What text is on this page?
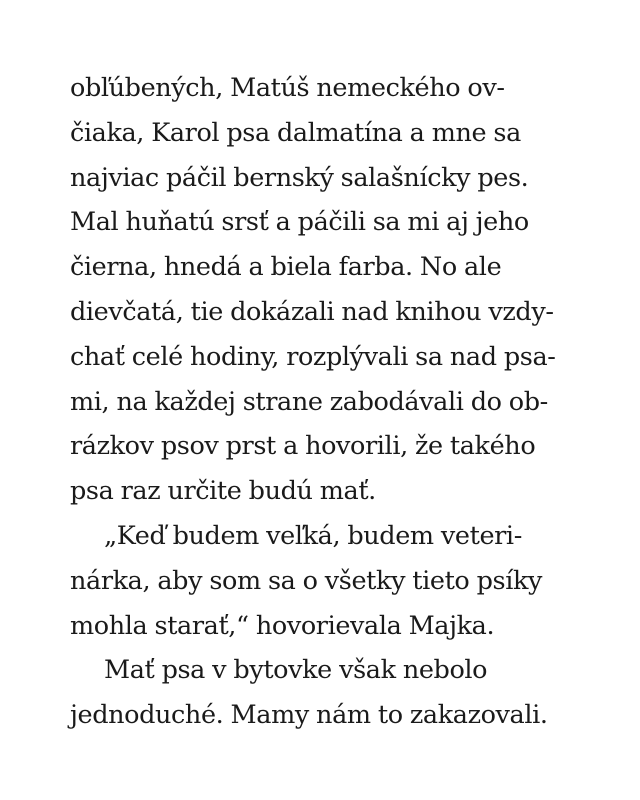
obľúbených, Matúš nemeckého ov-
čiaka, Karol psa dalmatína a mne sa
najviac páčil bernský salašnícky pes.
Mal huňatú srsť a páčili sa mi aj jeho
čierna, hnedá a biela farba. No ale
dievčatá, tie dokázali nad knihou vzdy-
chať celé hodiny, rozplývali sa nad psa-
mi, na každej strane zabodávali do ob-
rázkov psov prst a hovorili, že takého
psa raz určite budú mať.
„Keď budem veľká, budem veteri-
nárka, aby som sa o všetky tieto psíky
mohla starať,“ hovorievala Majka.
Mať psa v bytovke však nebolo
jednoduché. Mamy nám to zakazovali.
